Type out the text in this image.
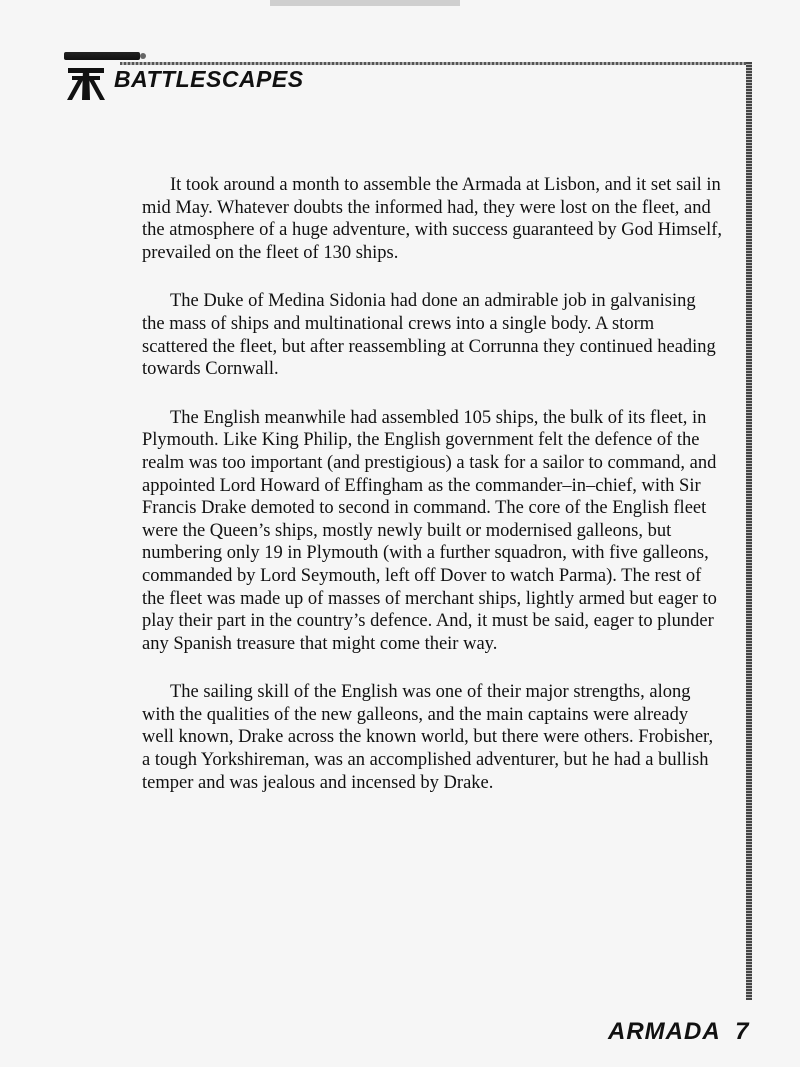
BATTLESCAPES

It took around a month to assemble the Armada at Lisbon, and it set sail in mid May. Whatever doubts the informed had, they were lost on the fleet, and the atmosphere of a huge adventure, with success guaranteed by God Himself, prevailed on the fleet of 130 ships.

The Duke of Medina Sidonia had done an admirable job in galvanising the mass of ships and multinational crews into a single body. A storm scattered the fleet, but after reassembling at Corrunna they continued heading towards Cornwall.

The English meanwhile had assembled 105 ships, the bulk of its fleet, in Plymouth. Like King Philip, the English government felt the defence of the realm was too important (and prestigious) a task for a sailor to command, and appointed Lord Howard of Effingham as the commander–in–chief, with Sir Francis Drake demoted to second in command. The core of the English fleet were the Queen’s ships, mostly newly built or modernised galleons, but numbering only 19 in Plymouth (with a further squadron, with five galleons, commanded by Lord Seymouth, left off Dover to watch Parma). The rest of the fleet was made up of masses of merchant ships, lightly armed but eager to play their part in the country’s defence. And, it must be said, eager to plunder any Spanish treasure that might come their way.

The sailing skill of the English was one of their major strengths, along with the qualities of the new galleons, and the main captains were already well known, Drake across the known world, but there were others. Frobisher, a tough Yorkshireman, was an accomplished adventurer, but he had a bullish temper and was jealous and incensed by Drake.

ARMADA  7
